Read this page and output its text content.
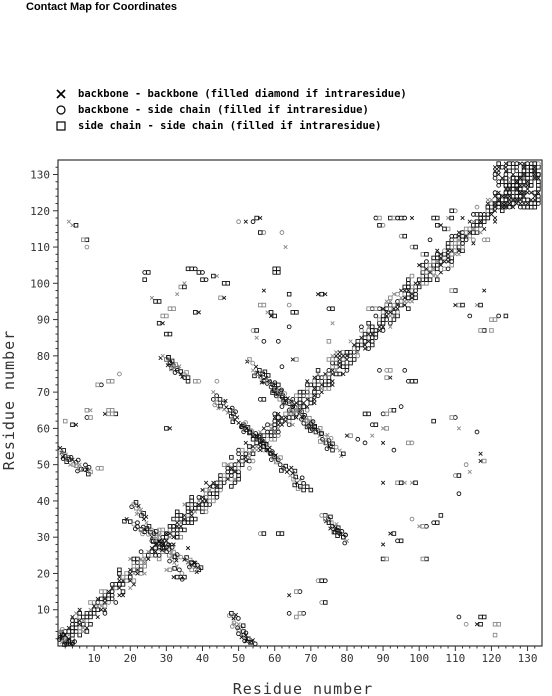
Contact Map for Coordinates
backbone - backbone (filled diamond if intraresidue)
backbone - side chain (filled if intraresidue)
side chain - side chain (filled if intraresidue)
10 20 30 40 50 60 70 80 90 100 110 120 130
10
20
30
40
50
60
70
80
90
100
110
120
130
Residue number
Residue number
